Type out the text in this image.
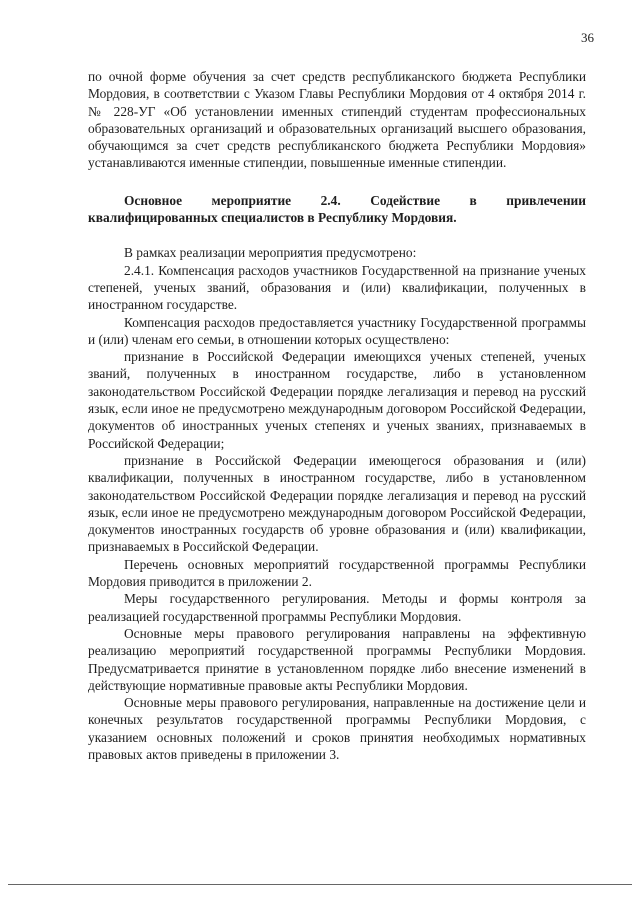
36

по очной форме обучения за счет средств республиканского бюджета Республики Мордовия, в соответствии с Указом Главы Республики Мордовия от 4 октября 2014 г. № 228-УГ «Об установлении именных стипендий студентам профессиональных образовательных организаций и образовательных организаций высшего образования, обучающимся за счет средств республиканского бюджета Республики Мордовия» устанавливаются именные стипендии, повышенные именные стипендии.

Основное мероприятие 2.4. Содействие в привлечении квалифицированных специалистов в Республику Мордовия.

В рамках реализации мероприятия предусмотрено:

2.4.1. Компенсация расходов участников Государственной на признание ученых степеней, ученых званий, образования и (или) квалификации, полученных в иностранном государстве.

Компенсация расходов предоставляется участнику Государственной программы и (или) членам его семьи, в отношении которых осуществлено:

признание в Российской Федерации имеющихся ученых степеней, ученых званий, полученных в иностранном государстве, либо в установленном законодательством Российской Федерации порядке легализация и перевод на русский язык, если иное не предусмотрено международным договором Российской Федерации, документов об иностранных ученых степенях и ученых званиях, признаваемых в Российской Федерации;

признание в Российской Федерации имеющегося образования и (или) квалификации, полученных в иностранном государстве, либо в установленном законодательством Российской Федерации порядке легализация и перевод на русский язык, если иное не предусмотрено международным договором Российской Федерации, документов иностранных государств об уровне образования и (или) квалификации, признаваемых в Российской Федерации.

Перечень основных мероприятий государственной программы Республики Мордовия приводится в приложении 2.

Меры государственного регулирования. Методы и формы контроля за реализацией государственной программы Республики Мордовия.

Основные меры правового регулирования направлены на эффективную реализацию мероприятий государственной программы Республики Мордовия. Предусматривается принятие в установленном порядке либо внесение изменений в действующие нормативные правовые акты Республики Мордовия.

Основные меры правового регулирования, направленные на достижение цели и конечных результатов государственной программы Республики Мордовия, с указанием основных положений и сроков принятия необходимых нормативных правовых актов приведены в приложении 3.
